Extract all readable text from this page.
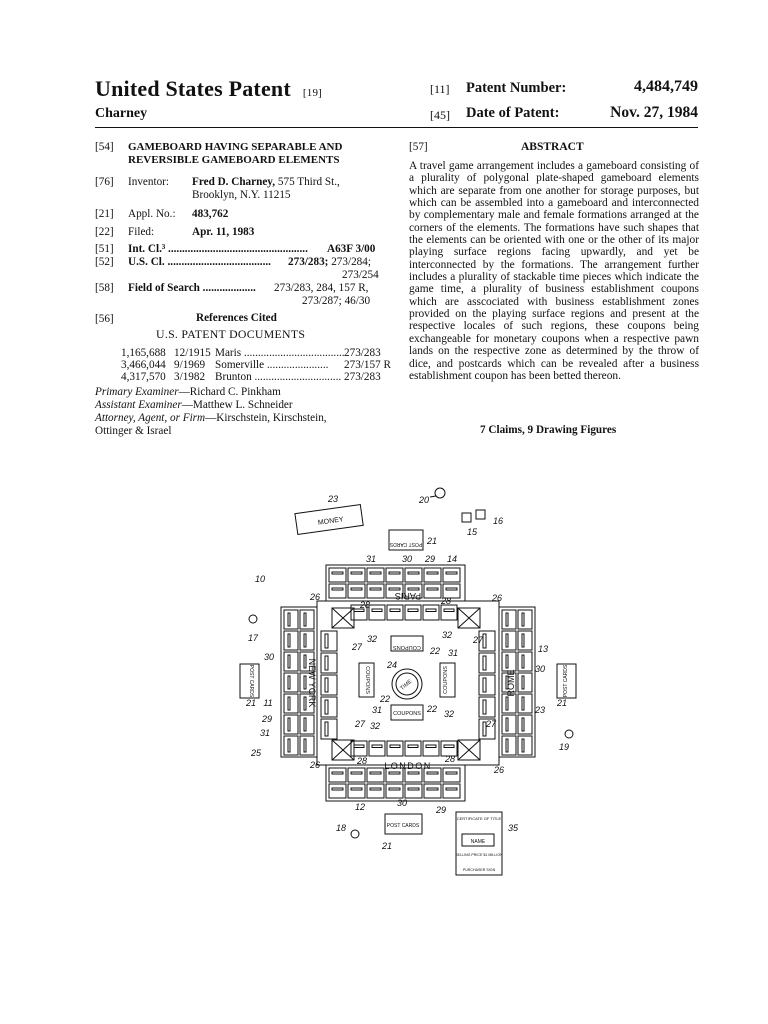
United States Patent [19]
Charney
[11] Patent Number:	4,484,749
[45] Date of Patent:	Nov. 27, 1984
[54] GAMEBOARD HAVING SEPARABLE AND
REVERSIBLE GAMEBOARD ELEMENTS
[76] Inventor: Fred D. Charney, 575 Third St.,
Brooklyn, N.Y. 11215
[21] Appl. No.: 483,762
[22] Filed:	Apr. 11, 1983
[51] Int. Cl.³ ..................................................	A63F 3/00
[52] U.S. Cl. .....................................	273/283; 273/284;
273/254
[58] Field of Search ...................	273/283, 284, 157 R,
273/287; 46/30
[56]	References Cited
U.S. PATENT DOCUMENTS
1,165,688 12/1915 Maris .................................... 273/283
3,466,044 9/1969 Somerville ......................	273/157 R
4,317,570 3/1982 Brunton ............................... 273/283
Primary Examiner—Richard C. Pinkham
Assistant Examiner—Matthew L. Schneider
Attorney, Agent, or Firm—Kirschstein, Kirschstein,
Ottinger & Israel
[57]	ABSTRACT
A travel game arrangement includes a gameboard consisting of a plurality of polygonal plate-shaped gameboard elements which are separate from one another for storage purposes, but which can be assembled into a gameboard and interconnected by complementary male and female formations arranged at the corners of the elements. The formations have such shapes that the elements can be oriented with one or the other of its major playing surface regions facing upwardly, and yet be interconnected by the formations. The arrangement further includes a plurality of stackable time pieces which indicate the game time, a plurality of business establishment coupons which are asscociated with business establishment zones provided on the playing surface regions and present at the respective locales of such regions, these coupons being exchangeable for monetary coupons when a respective pawn lands on the respective zone as determined by the throw of dice, and postcards which can be revealed after a business establishment coupon has been betted thereon.
7 Claims, 9 Drawing Figures
COUPONS
COUPONS
COUPONS	COUPONS
TIME
PARIS
LONDON
NEW YORK	ROME
MONEY
POST CARDS
POST CARDS	POST CARDS
POST CARDS
CERTIFICATE OF TITLE
NAME
SELLING PRICE $1 MILLION
PURCHASER SIGN
23	20
21
16
15
10
31	30 29 14
26
28	28	26
17	32
27	22 31
32 27
13
30
24
22
30
21 11
31	22 32	23
21
29
31
27 32	27
25
19
26	28	28
26
12	30
29
35
18
21
